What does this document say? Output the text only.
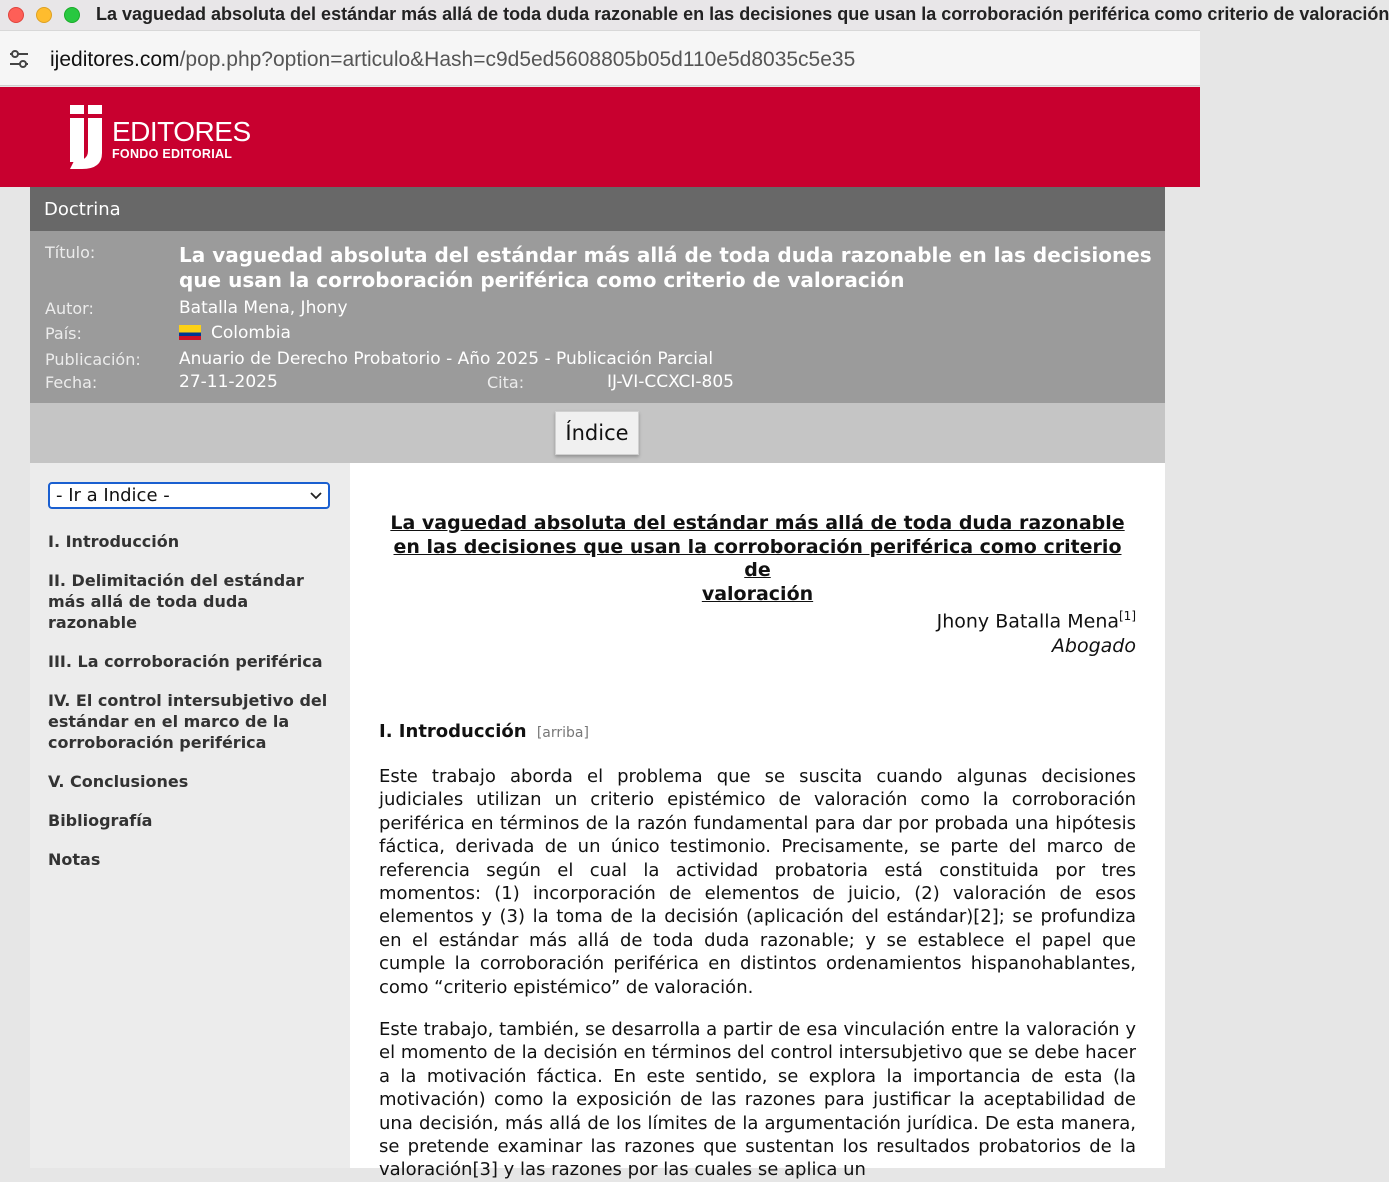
La vaguedad absoluta del estándar más allá de toda duda razonable en las decisiones que usan la corroboración periférica como criterio de valoración
ijeditores.com/pop.php?option=articulo&Hash=c9d5ed5608805b05d110e5d8035c5e35
EDITORES
FONDO EDITORIAL
Doctrina
Título:	La vaguedad absoluta del estándar más allá de toda duda razonable en las decisiones que usan la corroboración periférica como criterio de valoración
Autor:	Batalla Mena, Jhony
País:	Colombia
Publicación: Anuario de Derecho Probatorio - Año 2025 - Publicación Parcial
Fecha:	27-11-2025	Cita:	IJ-VI-CCXCI-805
Índice
- Ir a Indice -
I. Introducción
II. Delimitación del estándar más allá de toda duda razonable
III. La corroboración periférica
IV. El control intersubjetivo del estándar en el marco de la corroboración periférica
V. Conclusiones
Bibliografía
Notas
La vaguedad absoluta del estándar más allá de toda duda razonable
en las decisiones que usan la corroboración periférica como criterio de
valoración
Jhony Batalla Mena[1]
Abogado
I. Introducción [arriba]

Este trabajo aborda el problema que se suscita cuando algunas decisiones judiciales utilizan un criterio epistémico de valoración como la corroboración periférica en términos de la razón fundamental para dar por probada una hipótesis fáctica, derivada de un único testimonio. Precisamente, se parte del marco de referencia según el cual la actividad probatoria está constituida por tres momentos: (1) incorporación de elementos de juicio, (2) valoración de esos elementos y (3) la toma de la decisión (aplicación del estándar)[2]; se profundiza en el estándar más allá de toda duda razonable; y se establece el papel que cumple la corroboración periférica en distintos ordenamientos hispanohablantes, como “criterio epistémico” de valoración.

Este trabajo, también, se desarrolla a partir de esa vinculación entre la valoración y el momento de la decisión en términos del control intersubjetivo que se debe hacer a la motivación fáctica. En este sentido, se explora la importancia de esta (la motivación) como la exposición de las razones para justificar la aceptabilidad de una decisión, más allá de los límites de la argumentación jurídica. De esta manera, se pretende examinar las razones que sustentan los resultados probatorios de la valoración[3] y las razones por las cuales se aplica un
